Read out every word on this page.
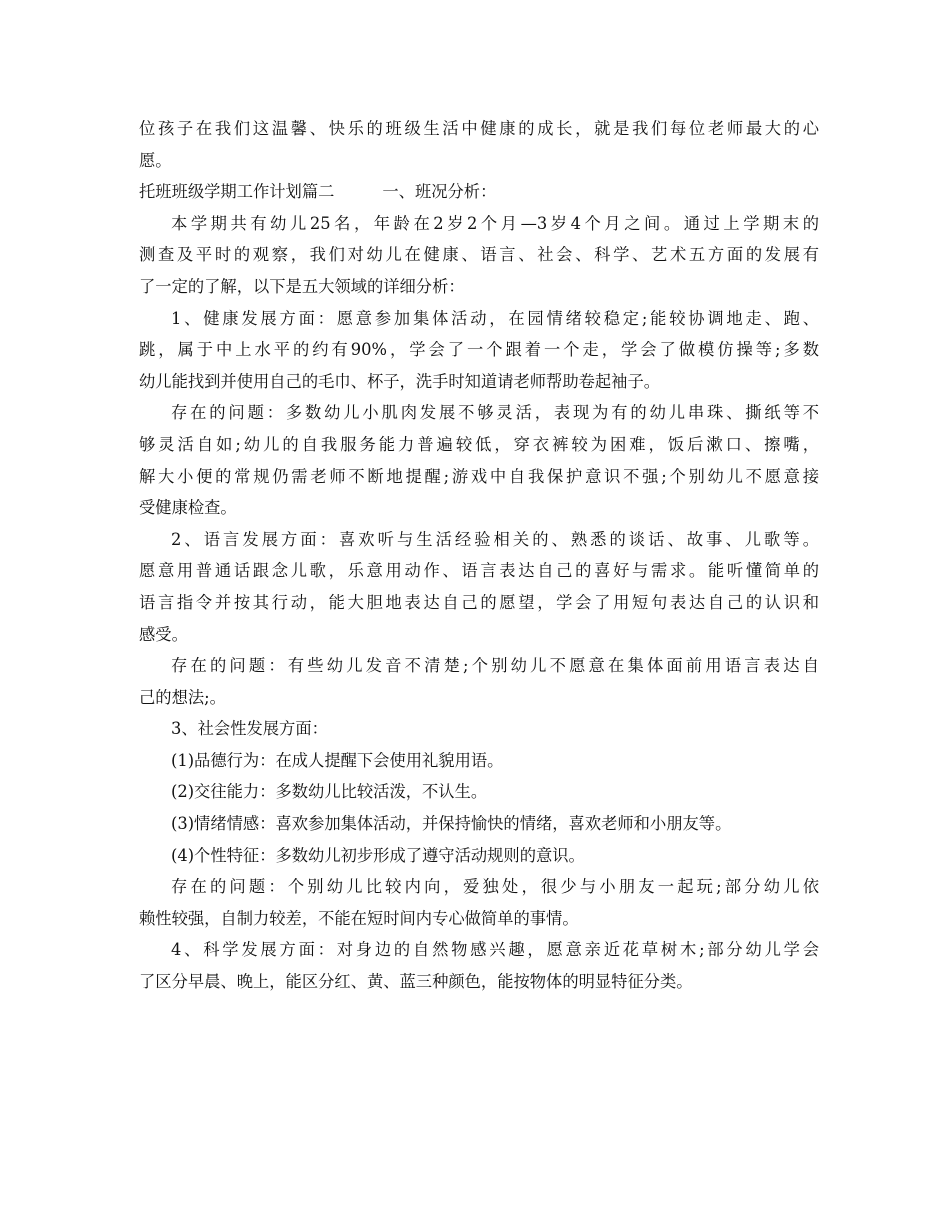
位孩子在我们这温馨、快乐的班级生活中健康的成长，就是我们每位老师最大的心
愿。
托班班级学期工作计划篇二	一、班况分析：
本学期共有幼儿25名，年龄在2岁2个月—3岁4个月之间。通过上学期末的
测查及平时的观察，我们对幼儿在健康、语言、社会、科学、艺术五方面的发展有
了一定的了解，以下是五大领域的详细分析：
1、健康发展方面：愿意参加集体活动，在园情绪较稳定;能较协调地走、跑、
跳，属于中上水平的约有90%，学会了一个跟着一个走，学会了做模仿操等;多数
幼儿能找到并使用自己的毛巾、杯子，洗手时知道请老师帮助卷起袖子。
存在的问题：多数幼儿小肌肉发展不够灵活，表现为有的幼儿串珠、撕纸等不
够灵活自如;幼儿的自我服务能力普遍较低，穿衣裤较为困难，饭后漱口、擦嘴，
解大小便的常规仍需老师不断地提醒;游戏中自我保护意识不强;个别幼儿不愿意接
受健康检查。
2、语言发展方面：喜欢听与生活经验相关的、熟悉的谈话、故事、儿歌等。
愿意用普通话跟念儿歌，乐意用动作、语言表达自己的喜好与需求。能听懂简单的
语言指令并按其行动，能大胆地表达自己的愿望，学会了用短句表达自己的认识和
感受。
存在的问题：有些幼儿发音不清楚;个别幼儿不愿意在集体面前用语言表达自
己的想法;。
3、社会性发展方面：
(1)品德行为：在成人提醒下会使用礼貌用语。
(2)交往能力：多数幼儿比较活泼，不认生。
(3)情绪情感：喜欢参加集体活动，并保持愉快的情绪，喜欢老师和小朋友等。
(4)个性特征：多数幼儿初步形成了遵守活动规则的意识。
存在的问题：个别幼儿比较内向，爱独处，很少与小朋友一起玩;部分幼儿依
赖性较强，自制力较差，不能在短时间内专心做简单的事情。
4、科学发展方面：对身边的自然物感兴趣，愿意亲近花草树木;部分幼儿学会
了区分早晨、晚上，能区分红、黄、蓝三种颜色，能按物体的明显特征分类。
